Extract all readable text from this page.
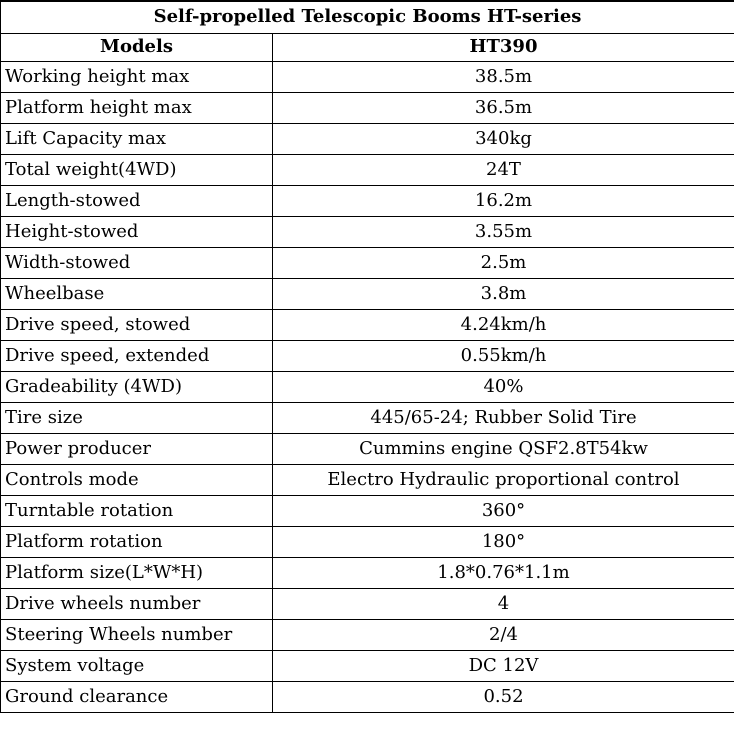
Self-propelled Telescopic Booms HT-series	
Models	HT390
Working height max	38.5m
Platform height max	36.5m
Lift Capacity max	340kg
Total weight(4WD)	24T
Length-stowed	16.2m
Height-stowed	3.55m
Width-stowed	2.5m
Wheelbase	3.8m
Drive speed, stowed	4.24km/h
Drive speed, extended	0.55km/h
Gradeability (4WD)	40%
Tire size	445/65-24; Rubber Solid Tire
Power producer	Cummins engine QSF2.8T54kw
Controls mode	Electro Hydraulic proportional control
Turntable rotation	360°
Platform rotation	180°
Platform size(L*W*H)	1.8*0.76*1.1m
Drive wheels number	4
Steering Wheels number	2/4
System voltage	DC 12V
Ground clearance	0.52
